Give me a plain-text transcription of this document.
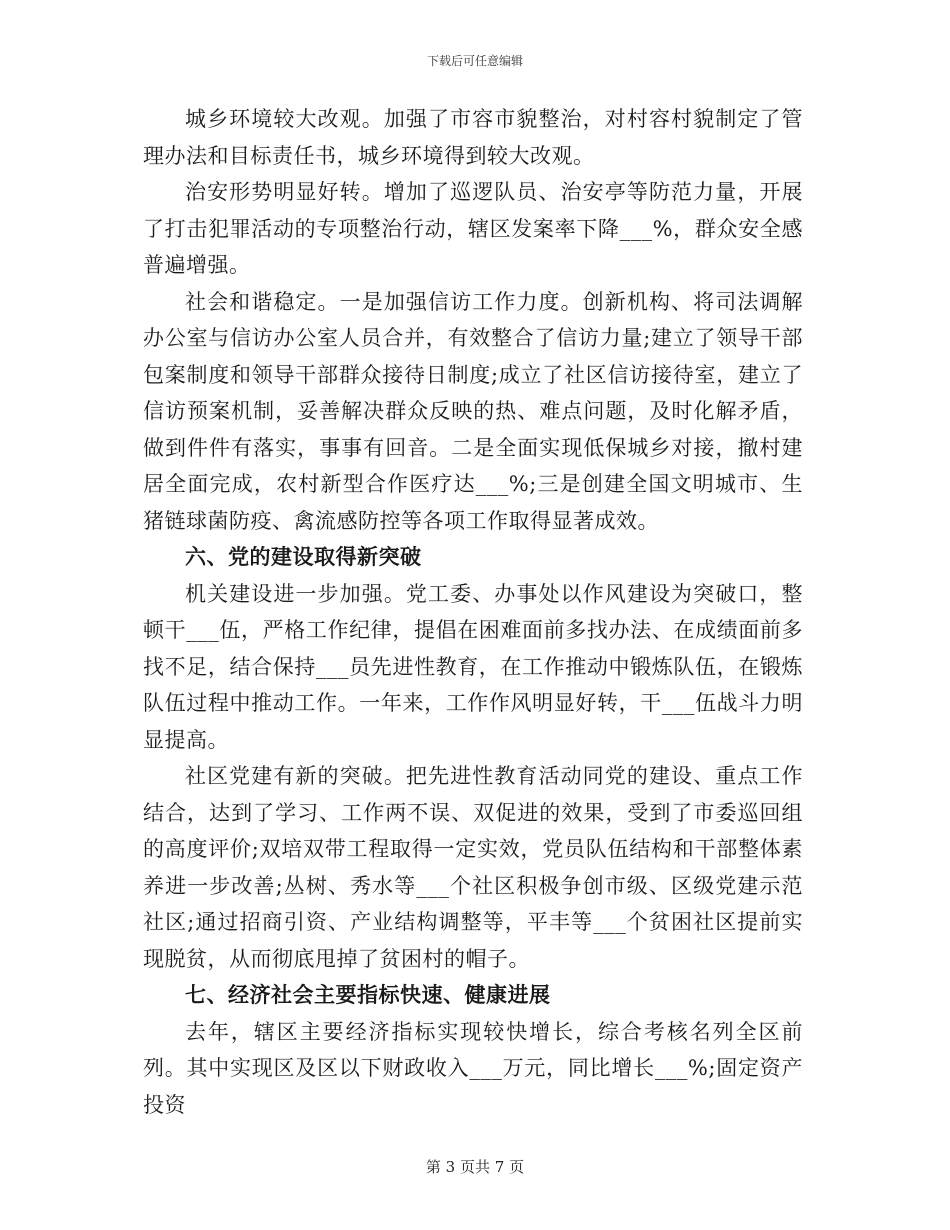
下载后可任意编辑

城乡环境较大改观。加强了市容市貌整治，对村容村貌制定了管理办法和目标责任书，城乡环境得到较大改观。

治安形势明显好转。增加了巡逻队员、治安亭等防范力量，开展了打击犯罪活动的专项整治行动，辖区发案率下降___%，群众安全感普遍增强。

社会和谐稳定。一是加强信访工作力度。创新机构、将司法调解办公室与信访办公室人员合并，有效整合了信访力量;建立了领导干部包案制度和领导干部群众接待日制度;成立了社区信访接待室，建立了信访预案机制，妥善解决群众反映的热、难点问题，及时化解矛盾，做到件件有落实，事事有回音。二是全面实现低保城乡对接，撤村建居全面完成，农村新型合作医疗达___%;三是创建全国文明城市、生猪链球菌防疫、禽流感防控等各项工作取得显著成效。

六、党的建设取得新突破

机关建设进一步加强。党工委、办事处以作风建设为突破口，整顿干___伍，严格工作纪律，提倡在困难面前多找办法、在成绩面前多找不足，结合保持___员先进性教育，在工作推动中锻炼队伍，在锻炼队伍过程中推动工作。一年来，工作作风明显好转，干___伍战斗力明显提高。

社区党建有新的突破。把先进性教育活动同党的建设、重点工作结合，达到了学习、工作两不误、双促进的效果，受到了市委巡回组的高度评价;双培双带工程取得一定实效，党员队伍结构和干部整体素养进一步改善;丛树、秀水等___个社区积极争创市级、区级党建示范社区;通过招商引资、产业结构调整等，平丰等___个贫困社区提前实现脱贫，从而彻底甩掉了贫困村的帽子。

七、经济社会主要指标快速、健康进展

去年，辖区主要经济指标实现较快增长，综合考核名列全区前列。其中实现区及区以下财政收入___万元，同比增长___%;固定资产投资

第 3 页共 7 页
